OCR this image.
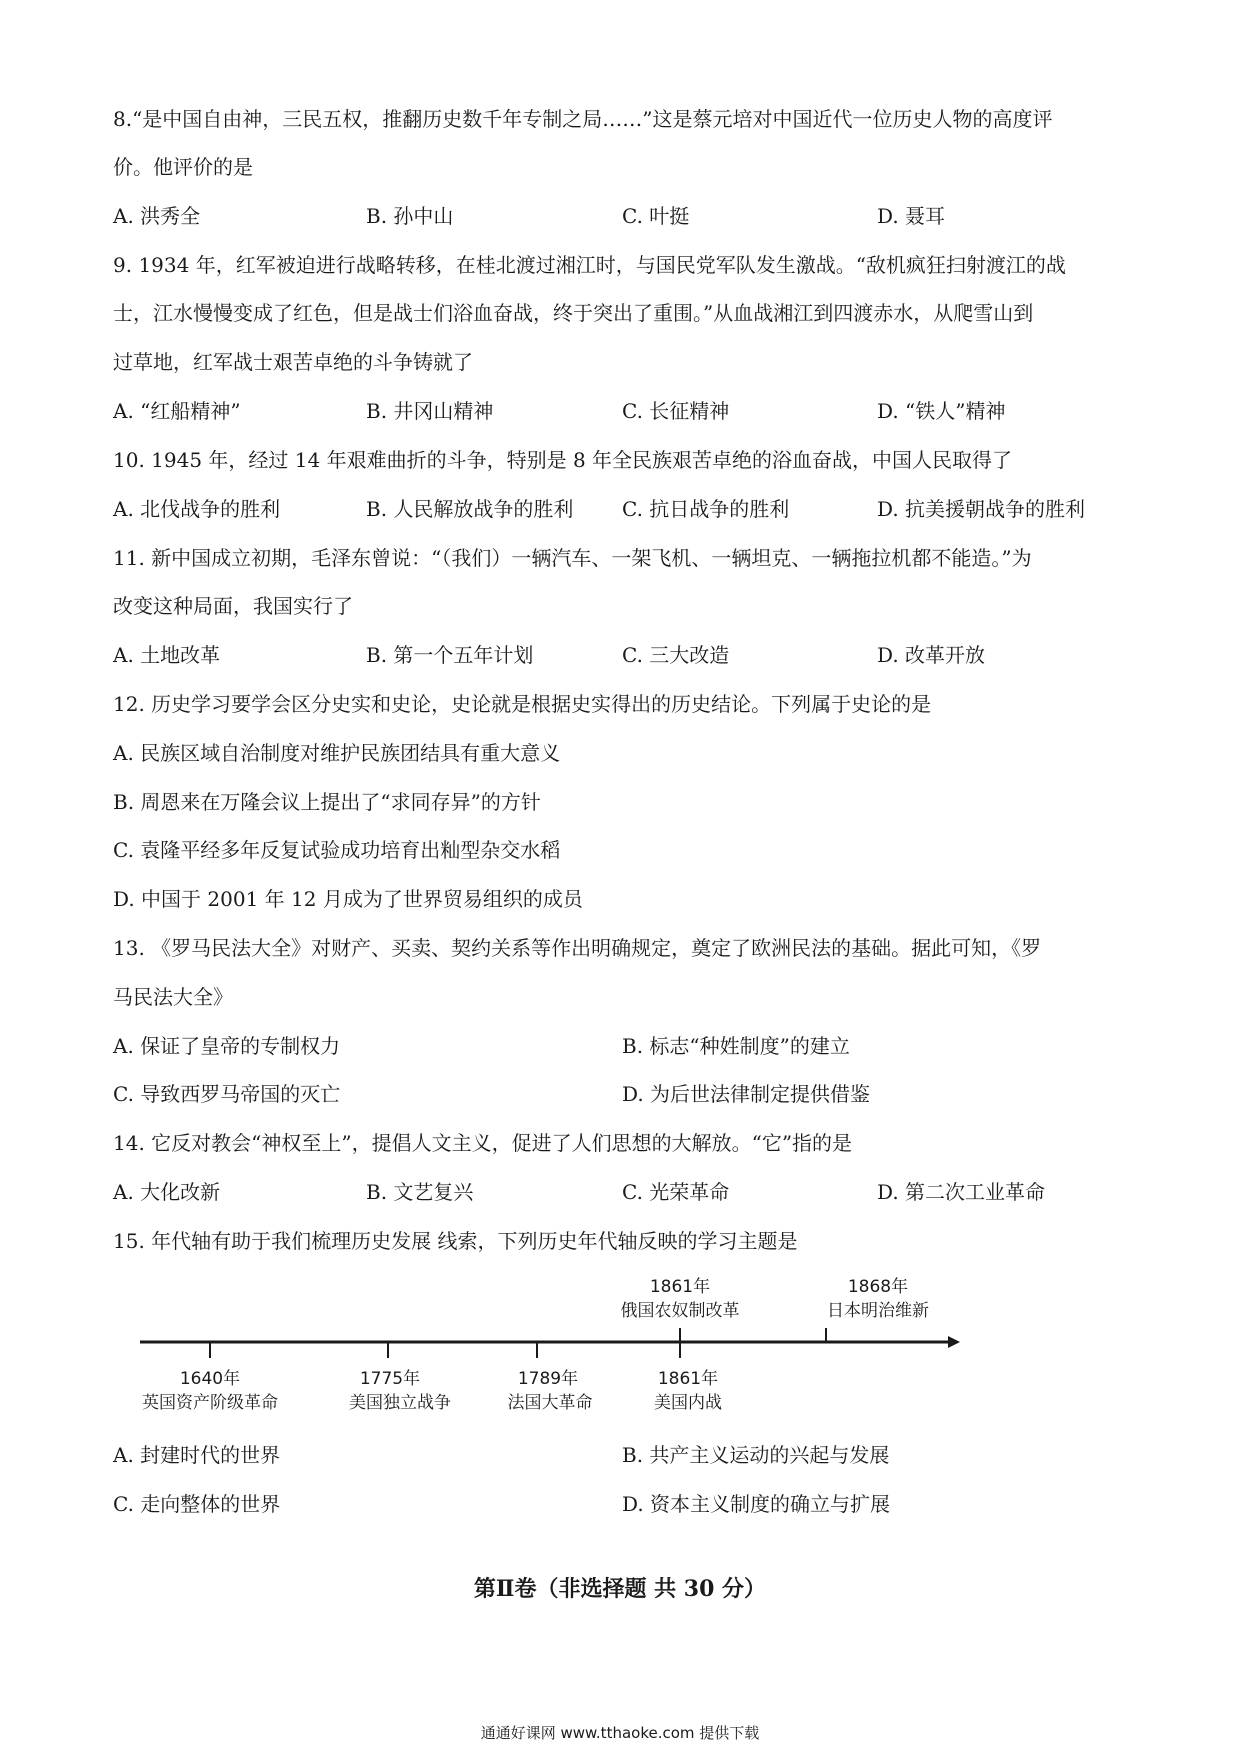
8.“是中国自由神，三民五权，推翻历史数千年专制之局……”这是蔡元培对中国近代一位历史人物的高度评
价。他评价的是
A. 洪秀全	B. 孙中山	C. 叶挺	D. 聂耳
9. 1934 年，红军被迫进行战略转移，在桂北渡过湘江时，与国民党军队发生激战。“敌机疯狂扫射渡江的战
士，江水慢慢变成了红色，但是战士们浴血奋战，终于突出了重围。”从血战湘江到四渡赤水，从爬雪山到
过草地，红军战士艰苦卓绝的斗争铸就了
A. “红船精神”	B. 井冈山精神	C. 长征精神	D. “铁人”精神
10. 1945 年，经过 14 年艰难曲折的斗争，特别是 8 年全民族艰苦卓绝的浴血奋战，中国人民取得了
A. 北伐战争的胜利	B. 人民解放战争的胜利 C. 抗日战争的胜利	D. 抗美援朝战争的胜利
11. 新中国成立初期，毛泽东曾说：“（我们）一辆汽车、一架飞机、一辆坦克、一辆拖拉机都不能造。”为
改变这种局面，我国实行了
A. 土地改革	B. 第一个五年计划	C. 三大改造	D. 改革开放
12. 历史学习要学会区分史实和史论，史论就是根据史实得出的历史结论。下列属于史论的是
A. 民族区域自治制度对维护民族团结具有重大意义
B. 周恩来在万隆会议上提出了“求同存异”的方针
C. 袁隆平经多年反复试验成功培育出籼型杂交水稻
D. 中国于 2001 年 12 月成为了世界贸易组织的成员
13. 《罗马民法大全》对财产、买卖、契约关系等作出明确规定，奠定了欧洲民法的基础。据此可知，《罗
马民法大全》
A. 保证了皇帝的专制权力	B. 标志“种姓制度”的建立
C. 导致西罗马帝国的灭亡	D. 为后世法律制定提供借鉴
14. 它反对教会“神权至上”，提倡人文主义，促进了人们思想的大解放。“它”指的是
A. 大化改新	B. 文艺复兴	C. 光荣革命	D. 第二次工业革命
15. 年代轴有助于我们梳理历史发展 线索，下列历史年代轴反映的学习主题是
1861年
俄国农奴制改革
1868年
日本明治维新
1640年
英国资产阶级革命
1775年
美国独立战争
1789年
法国大革命
1861年
美国内战
A. 封建时代的世界	B. 共产主义运动的兴起与发展
C. 走向整体的世界	D. 资本主义制度的确立与扩展
第Ⅱ卷（非选择题 共 30 分）
通通好课网 www.tthaoke.com 提供下载
